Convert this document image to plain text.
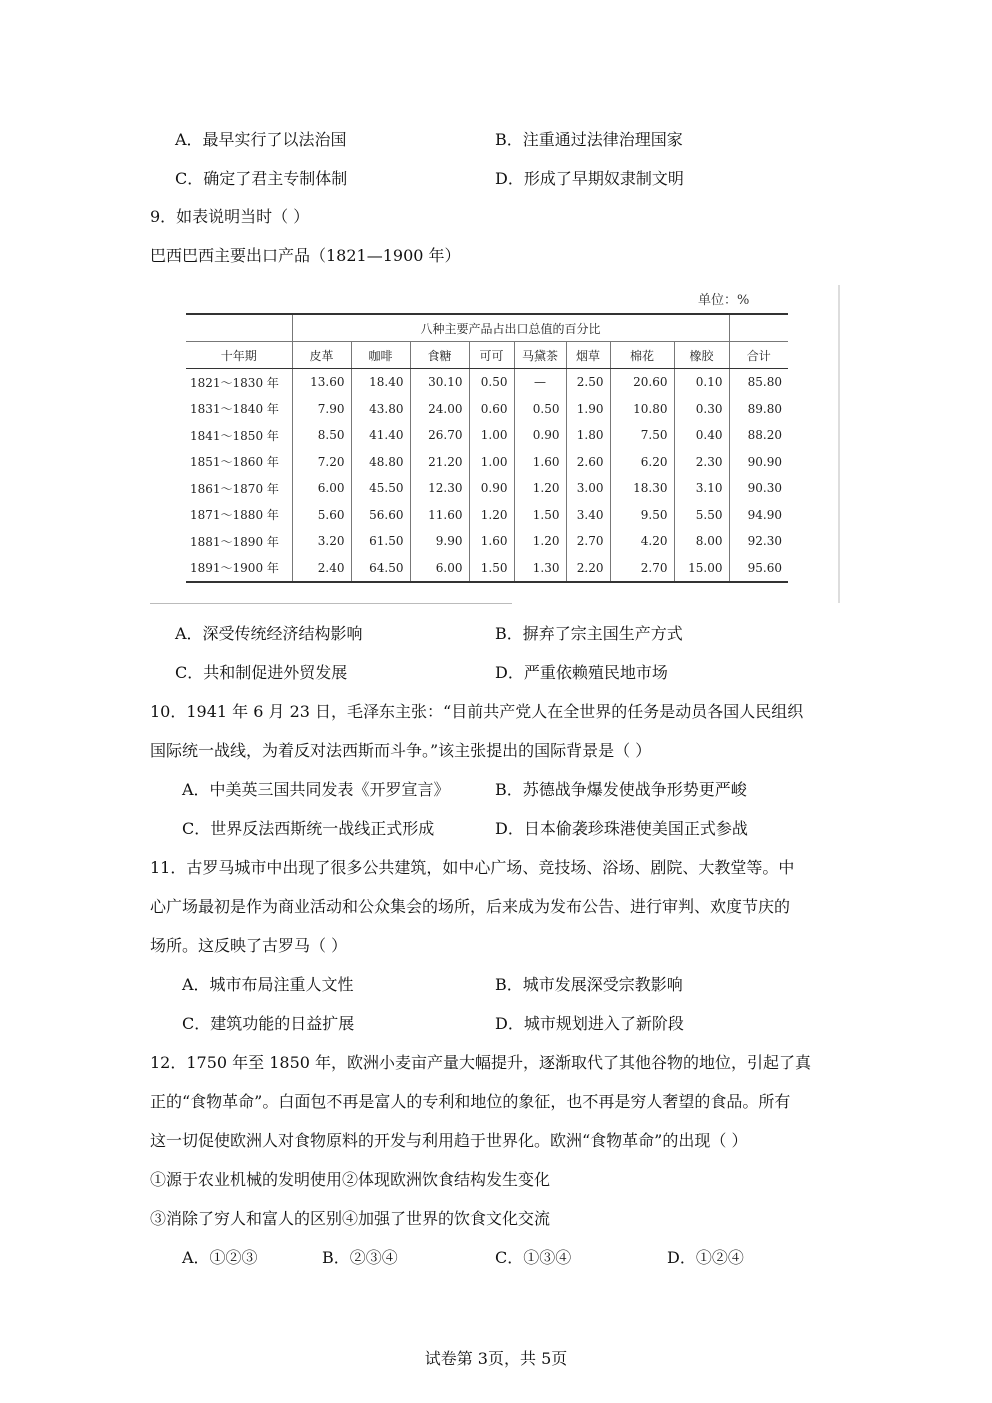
A．最早实行了以法治国	B．注重通过法律治理国家
C．确定了君主专制体制	D．形成了早期奴隶制文明
9．如表说明当时（ ）
巴西巴西主要出口产品（1821—1900 年）
单位：%
	八种主要产品占出口总值的百分比								
十年期	皮革	咖啡	食糖	可可	马黛茶	烟草	棉花	橡胶	合计
1821～1830 年	13.60	18.40	30.10	0.50	—	2.50	20.60	0.10	85.80
1831～1840 年	7.90	43.80	24.00	0.60	0.50	1.90	10.80	0.30	89.80
1841～1850 年	8.50	41.40	26.70	1.00	0.90	1.80	7.50	0.40	88.20
1851～1860 年	7.20	48.80	21.20	1.00	1.60	2.60	6.20	2.30	90.90
1861～1870 年	6.00	45.50	12.30	0.90	1.20	3.00	18.30	3.10	90.30
1871～1880 年	5.60	56.60	11.60	1.20	1.50	3.40	9.50	5.50	94.90
1881～1890 年	3.20	61.50	9.90	1.60	1.20	2.70	4.20	8.00	92.30
1891～1900 年	2.40	64.50	6.00	1.50	1.30	2.20	2.70	15.00	95.60
A．深受传统经济结构影响	B．摒弃了宗主国生产方式
C．共和制促进外贸发展	D．严重依赖殖民地市场
10．1941 年 6 月 23 日，毛泽东主张：“目前共产党人在全世界的任务是动员各国人民组织
国际统一战线，为着反对法西斯而斗争。”该主张提出的国际背景是（ ）
A．中美英三国共同发表《开罗宣言》	B．苏德战争爆发使战争形势更严峻
C．世界反法西斯统一战线正式形成	D．日本偷袭珍珠港使美国正式参战
11．古罗马城市中出现了很多公共建筑，如中心广场、竞技场、浴场、剧院、大教堂等。中
心广场最初是作为商业活动和公众集会的场所，后来成为发布公告、进行审判、欢度节庆的
场所。这反映了古罗马（ ）
A．城市布局注重人文性	B．城市发展深受宗教影响
C．建筑功能的日益扩展	D．城市规划进入了新阶段
12．1750 年至 1850 年，欧洲小麦亩产量大幅提升，逐渐取代了其他谷物的地位，引起了真
正的“食物革命”。白面包不再是富人的专利和地位的象征，也不再是穷人奢望的食品。所有
这一切促使欧洲人对食物原料的开发与利用趋于世界化。欧洲“食物革命”的出现（ ）
①源于农业机械的发明使用②体现欧洲饮食结构发生变化
③消除了穷人和富人的区别④加强了世界的饮食文化交流
A．①②③	B．②③④	C．①③④	D．①②④
试卷第 3页，共 5页
